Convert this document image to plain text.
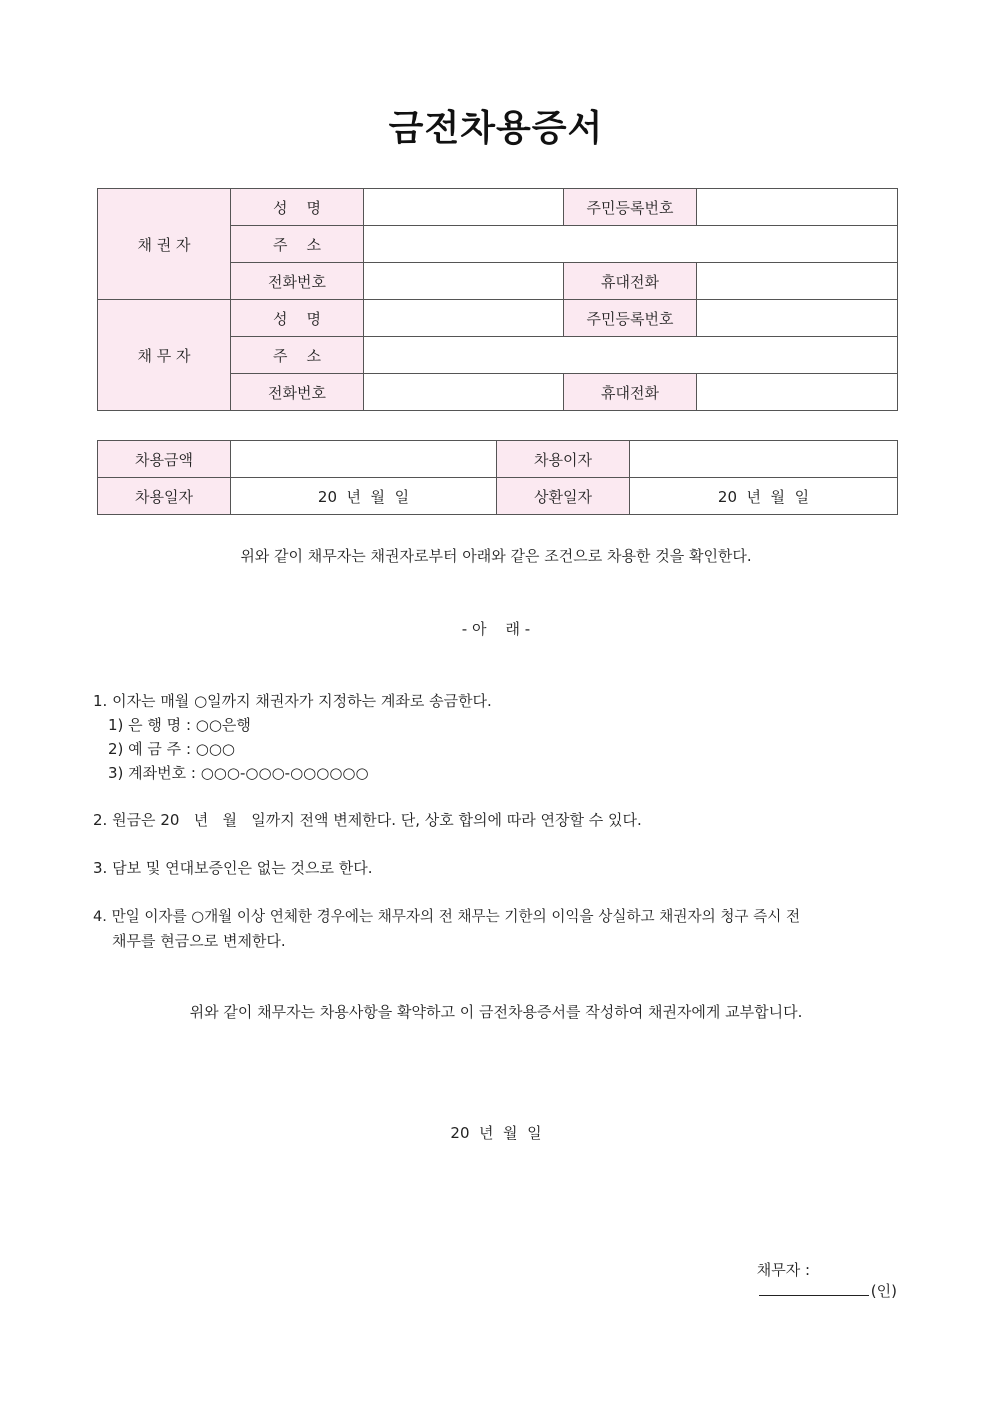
금전차용증서
채 권 자	성    명		주민등록번호	
	주    소			
	전화번호		휴대전화	
채 무 자	성    명		주민등록번호	
	주    소			
	전화번호		휴대전화	
차용금액		차용이자	
차용일자	20  년  월  일	상환일자	20  년  월  일
위와 같이 채무자는 채권자로부터 아래와 같은 조건으로 차용한 것을 확인한다.
- 아    래 -
1. 이자는 매월 ○일까지 채권자가 지정하는 계좌로 송금한다.
1) 은 행 명 : ○○은행
2) 예 금 주 : ○○○
3) 계좌번호 : ○○○-○○○-○○○○○○
2. 원금은 20   년   월   일까지 전액 변제한다. 단, 상호 합의에 따라 연장할 수 있다.
3. 담보 및 연대보증인은 없는 것으로 한다.
4. 만일 이자를 ○개월 이상 연체한 경우에는 채무자의 전 채무는 기한의 이익을 상실하고 채권자의 청구 즉시 전
채무를 현금으로 변제한다.
위와 같이 채무자는 차용사항을 확약하고 이 금전차용증서를 작성하여 채권자에게 교부합니다.
20  년  월  일

채무자 :
(인)
